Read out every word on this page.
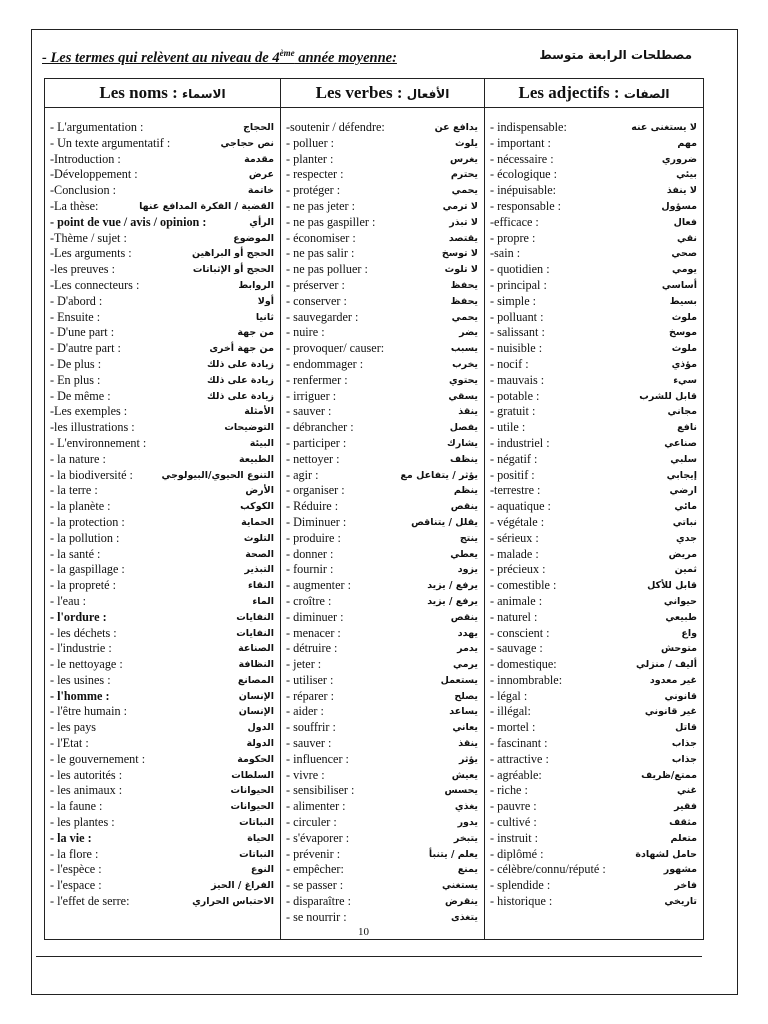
- Les termes qui relèvent au niveau de 4ème année moyenne:	مصطلحات الرابعة متوسط
Les noms : الاسماء
- L'argumentation :	الحجاج
- Un texte argumentatif :	نص حجاجي
-Introduction :	مقدمة
-Développement :	عرض
-Conclusion :	خاتمة
-La thèse:	القضية / الفكرة المدافع عنها
- point de vue / avis / opinion :	الرأي
-Thème / sujet :	الموضوع
-Les arguments :	الحجج أو البراهين
-les preuves :	الحجج أو الإثباتات
-Les connecteurs :	الروابط
- D'abord :	أولا
- Ensuite :	ثانيا
- D'une part :	من جهة
- D'autre part :	من جهة أخرى
- De plus :	زيادة على ذلك
- En plus :	زيادة على ذلك
- De même :	زيادة على ذلك
-Les exemples :	الأمثلة
-les illustrations :	التوضيحات
- L'environnement :	البيئة
- la nature :	الطبيعة
- la biodiversité :	التنوع الحيوي/البيولوجي
- la terre :	الأرض
- la planète :	الكوكب
- la protection :	الحماية
- la pollution :	التلوث
- la santé :	الصحة
- la gaspillage :	التبذير
- la propreté :	النقاء
- l'eau :	الماء
- l'ordure :	النفايات
- les déchets :	النفايات
- l'industrie :	الصناعة
- le nettoyage :	النظافة
- les usines :	المصانع
- l'homme :	الإنسان
- l'être humain :	الإنسان
- les pays	الدول
- l'Etat :	الدولة
- le gouvernement :	الحكومة
- les autorités :	السلطات
- les animaux :	الحيوانات
- la faune :	الحيوانات
- les plantes :	النباتات
- la vie :	الحياة
- la flore :	النباتات
- l'espèce :	النوع
- l'espace :	الفراغ / الحيز
- l'effet de serre:	الاحتباس الحراري
Les verbes : الأفعال
-soutenir / défendre:	يدافع عن
- polluer :	يلوث
- planter :	يغرس
- respecter :	يحترم
- protéger :	يحمي
- ne pas jeter :	لا ترمي
- ne pas gaspiller :	لا تبذر
- économiser :	يقتصد
- ne pas salir :	لا توسخ
- ne pas polluer :	لا تلوث
- préserver :	يحفظ
- conserver :	يحفظ
- sauvegarder :	يحمي
- nuire :	يضر
- provoquer/ causer:	يسبب
- endommager :	يخرب
- renfermer :	يحتوي
- irriguer :	يسقي
- sauver :	ينقذ
- débrancher :	يفصل
- participer :	يشارك
- nettoyer :	ينظف
- agir :	يؤثر / يتفاعل مع
- organiser :	ينظم
- Réduire :	ينقص
- Diminuer :	يقلل / يتناقص
- produire :	ينتج
- donner :	يعطي
- fournir :	يزود
- augmenter :	يرفع / يزيد
- croître :	يرفع / يزيد
- diminuer :	ينقص
- menacer :	يهدد
- détruire :	يدمر
- jeter :	يرمي
- utiliser :	يستعمل
- réparer :	يصلح
- aider :	يساعد
- souffrir :	يعاني
- sauver :	ينقذ
- influencer :	يؤثر
- vivre :	يعيش
- sensibiliser :	يحسس
- alimenter :	يغذي
- circuler :	يدور
- s'évaporer :	يتبخر
- prévenir :	يعلم / يتنبأ
- empêcher:	يمنع
- se passer :	يستغني
- disparaître :	ينقرض
- se nourrir :	يتغذى
Les adjectifs : الصفات
- indispensable:	لا يستغنى عنه
- important :	مهم
- nécessaire :	ضروري
- écologique :	بيئي
- inépuisable:	لا ينفذ
- responsable :	مسؤول
-efficace :	فعال
- propre :	نقي
-sain :	صحي
- quotidien :	يومي
- principal :	أساسي
- simple :	بسيط
- polluant :	ملوث
- salissant :	موسخ
- nuisible :	ملوث
- nocif :	مؤذي
- mauvais :	سيء
- potable :	قابل للشرب
- gratuit :	مجاني
- utile :	نافع
- industriel :	صناعي
- négatif :	سلبي
- positif :	إيجابي
-terrestre :	ارضي
- aquatique :	مائي
- végétale :	نباتي
- sérieux :	جدي
- malade :	مريض
- précieux :	ثمين
- comestible :	قابل للأكل
- animale :	حيواني
- naturel :	طبيعي
- conscient :	واع
- sauvage :	متوحش
- domestique:	أليف / منزلي
- innombrable:	غير معدود
- légal :	قانوني
- illégal:	غير قانوني
- mortel :	قاتل
- fascinant :	جذاب
- attractive :	جذاب
- agréable:	ممتع/ظريف
- riche :	غني
- pauvre :	فقير
- cultivé :	مثقف
- instruit :	متعلم
- diplômé :	حامل لشهادة
- célèbre/connu/réputé :	مشهور
- splendide :	فاخر
- historique :	تاريخي
10
